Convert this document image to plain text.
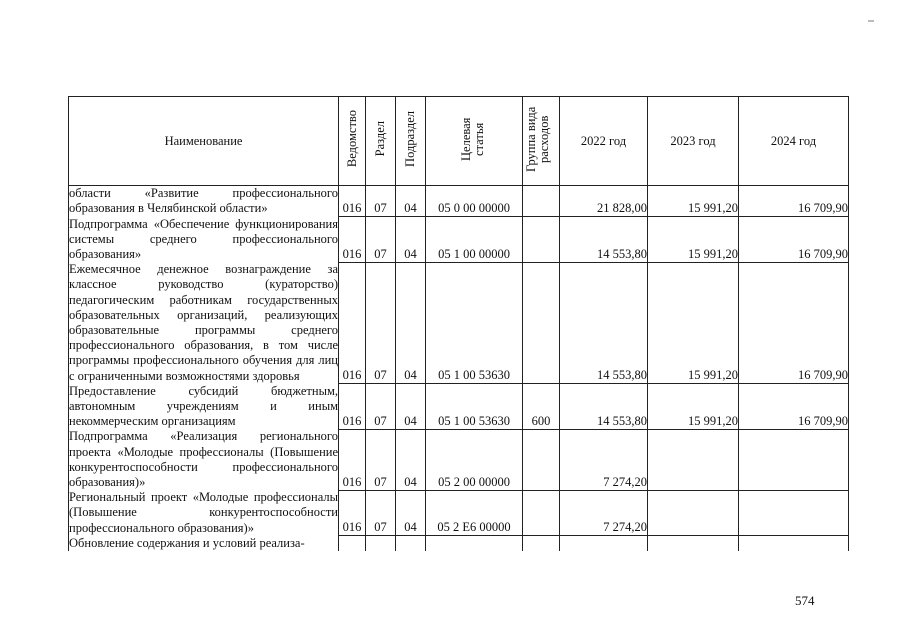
Наименование	Ведомство	Раздел	Подраздел	Целевая статья	Группа вида расходов	2022 год	2023 год	2024 год
области «Развитие профессионального образования в Челябинской области»	016	07	04	05 0 00 00000		21 828,00	15 991,20	16 709,90

Подпрограмма «Обеспечение функционирования системы среднего профессионального образования»	016	07	04	05 1 00 00000		14 553,80	15 991,20	16 709,90

Ежемесячное денежное вознаграждение за классное руководство (кураторство) педагогическим работникам государственных образовательных организаций, реализующих образовательные программы среднего профессионального образования, в том числе программы профессионального обучения для лиц с ограниченными возможностями здоровья	016	07	04	05 1 00 53630		14 553,80	15 991,20	16 709,90

Предоставление субсидий бюджетным, автономным учреждениям и иным некоммерческим организациям	016	07	04	05 1 00 53630	600	14 553,80	15 991,20	16 709,90

Подпрограмма «Реализация регионального проекта «Молодые профессионалы (Повышение конкурентоспособности профессионального образования)»	016	07	04	05 2 00 00000		7 274,20		

Региональный проект «Молодые профессионалы (Повышение конкурентоспособности профессионального образования)»	016	07	04	05 2 E6 00000		7 274,20		

Обновление содержания и условий реализа-	

574
